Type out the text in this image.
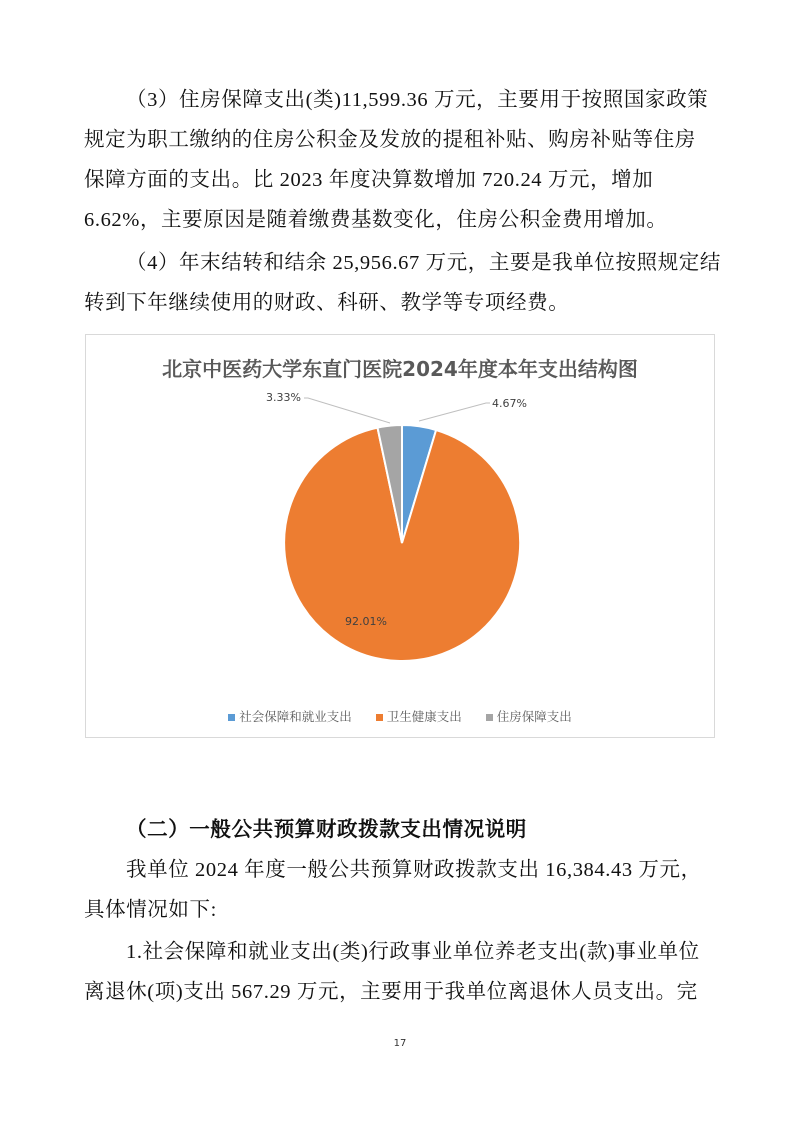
（3）住房保障支出(类)11,599.36 万元，主要用于按照国家政策
规定为职工缴纳的住房公积金及发放的提租补贴、购房补贴等住房
保障方面的支出。比 2023 年度决算数增加 720.24 万元，增加
6.62%，主要原因是随着缴费基数变化，住房公积金费用增加。
（4）年末结转和结余 25,956.67 万元，主要是我单位按照规定结
转到下年继续使用的财政、科研、教学等专项经费。
北京中医药大学东直门医院2024年度本年支出结构图
4.67%
92.01%
3.33%
社会保障和就业支出	卫生健康支出	住房保障支出
（二）一般公共预算财政拨款支出情况说明
我单位 2024 年度一般公共预算财政拨款支出 16,384.43 万元，
具体情况如下:
1.社会保障和就业支出(类)行政事业单位养老支出(款)事业单位
离退休(项)支出 567.29 万元，主要用于我单位离退休人员支出。完
17
